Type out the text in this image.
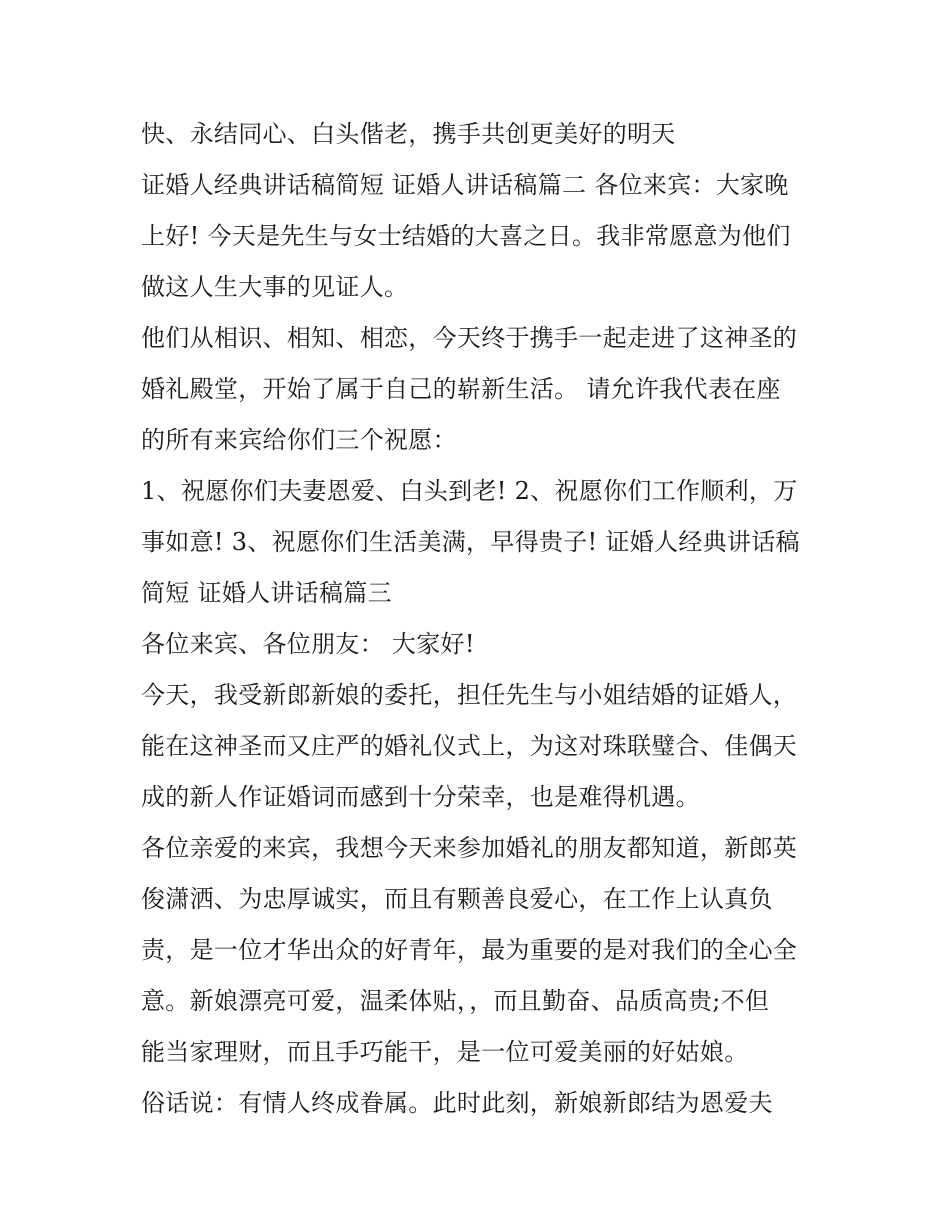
快、永结同心、白头偕老，携手共创更美好的明天

证婚人经典讲话稿简短 证婚人讲话稿篇二 各位来宾：大家晚

上好! 今天是先生与女士结婚的大喜之日。我非常愿意为他们

做这人生大事的见证人。

他们从相识、相知、相恋，今天终于携手一起走进了这神圣的

婚礼殿堂，开始了属于自己的崭新生活。 请允许我代表在座

的所有来宾给你们三个祝愿：

1、祝愿你们夫妻恩爱、白头到老! 2、祝愿你们工作顺利，万

事如意! 3、祝愿你们生活美满，早得贵子! 证婚人经典讲话稿

简短 证婚人讲话稿篇三

各位来宾、各位朋友： 大家好!

今天，我受新郎新娘的委托，担任先生与小姐结婚的证婚人，

能在这神圣而又庄严的婚礼仪式上，为这对珠联璧合、佳偶天

成的新人作证婚词而感到十分荣幸，也是难得机遇。

各位亲爱的来宾，我想今天来参加婚礼的朋友都知道，新郎英

俊潇洒、为忠厚诚实，而且有颗善良爱心，在工作上认真负

责，是一位才华出众的好青年，最为重要的是对我们的全心全

意。新娘漂亮可爱，温柔体贴，，而且勤奋、品质高贵;不但

能当家理财，而且手巧能干，是一位可爱美丽的好姑娘。

俗话说：有情人终成眷属。此时此刻，新娘新郎结为恩爱夫
